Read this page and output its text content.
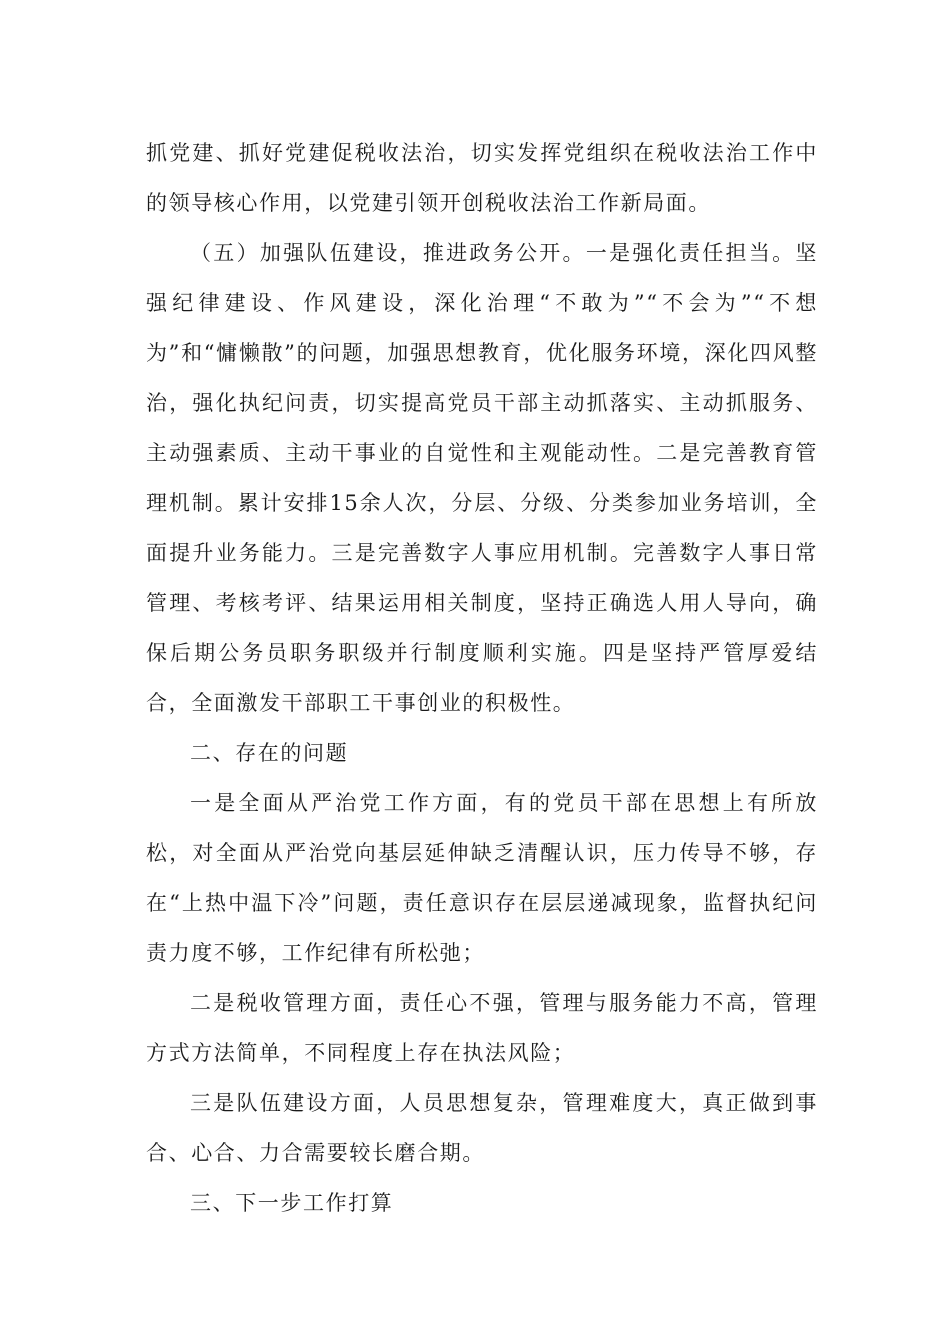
抓党建、抓好党建促税收法治，切实发挥党组织在税收法治工作中的领导核心作用，以党建引领开创税收法治工作新局面。

（五）加强队伍建设，推进政务公开。一是强化责任担当。坚强纪律建设、作风建设，深化治理“不敢为”“不会为”“不想为”和“慵懒散”的问题，加强思想教育，优化服务环境，深化四风整治，强化执纪问责，切实提高党员干部主动抓落实、主动抓服务、主动强素质、主动干事业的自觉性和主观能动性。二是完善教育管理机制。累计安排15余人次，分层、分级、分类参加业务培训，全面提升业务能力。三是完善数字人事应用机制。完善数字人事日常管理、考核考评、结果运用相关制度，坚持正确选人用人导向，确保后期公务员职务职级并行制度顺利实施。四是坚持严管厚爱结合，全面激发干部职工干事创业的积极性。

二、存在的问题

一是全面从严治党工作方面，有的党员干部在思想上有所放松，对全面从严治党向基层延伸缺乏清醒认识，压力传导不够，存在“上热中温下冷”问题，责任意识存在层层递减现象，监督执纪问责力度不够，工作纪律有所松弛；

二是税收管理方面，责任心不强，管理与服务能力不高，管理方式方法简单，不同程度上存在执法风险；

三是队伍建设方面，人员思想复杂，管理难度大，真正做到事合、心合、力合需要较长磨合期。

三、下一步工作打算
